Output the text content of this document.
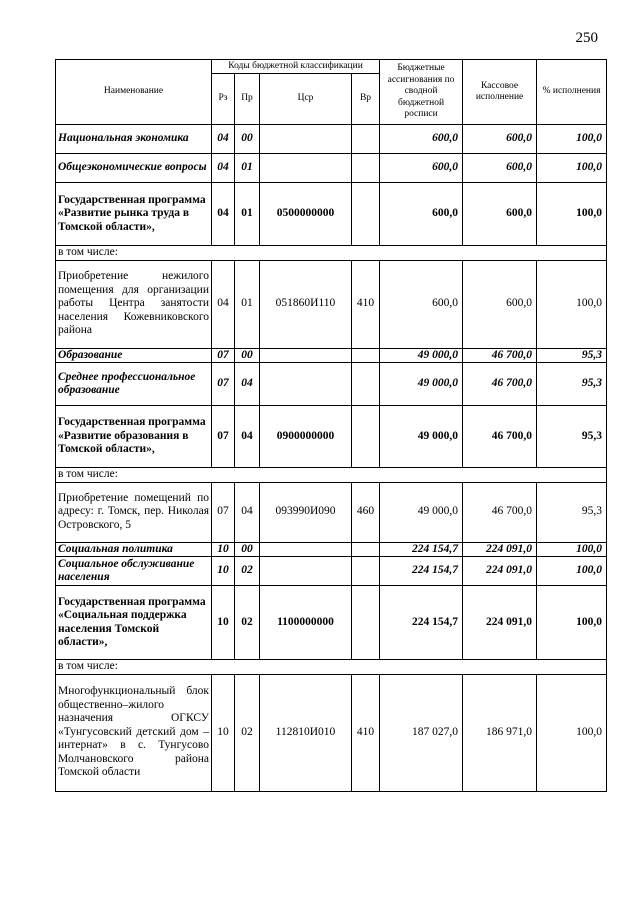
250
Наименование	Коды бюджетной классификации				Бюджетные ассигнования по сводной бюджетной росписи	Кассовое исполнение	% исполнения
	Рз	Пр	Цср	Вр			
Национальная экономика	04	00			600,0	600,0	100,0
Общеэкономические вопросы	04	01			600,0	600,0	100,0
Государственная программа «Развитие рынка труда в Томской области»,	04	01	0500000000		600,0	600,0	100,0
в том числе:							
Приобретение нежилого помещения для организации работы Центра занятости населения Кожевниковского района	04	01	051860И110	410	600,0	600,0	100,0
Образование	07	00			49 000,0	46 700,0	95,3
Среднее профессиональное образование	07	04			49 000,0	46 700,0	95,3
Государственная программа «Развитие образования в Томской области»,	07	04	0900000000		49 000,0	46 700,0	95,3
в том числе:							
Приобретение помещений по адресу: г. Томск, пер. Николая Островского, 5	07	04	093990И090	460	49 000,0	46 700,0	95,3
Социальная политика	10	00			224 154,7	224 091,0	100,0
Социальное обслуживание населения	10	02			224 154,7	224 091,0	100,0
Государственная программа «Социальная поддержка населения Томской области»,	10	02	1100000000		224 154,7	224 091,0	100,0
в том числе:							
Многофункциональный блок общественно–жилого назначения ОГКСУ «Тунгусовский детский дом – интернат» в с. Тунгусово Молчановского района Томской области	10	02	112810И010	410	187 027,0	186 971,0	100,0
